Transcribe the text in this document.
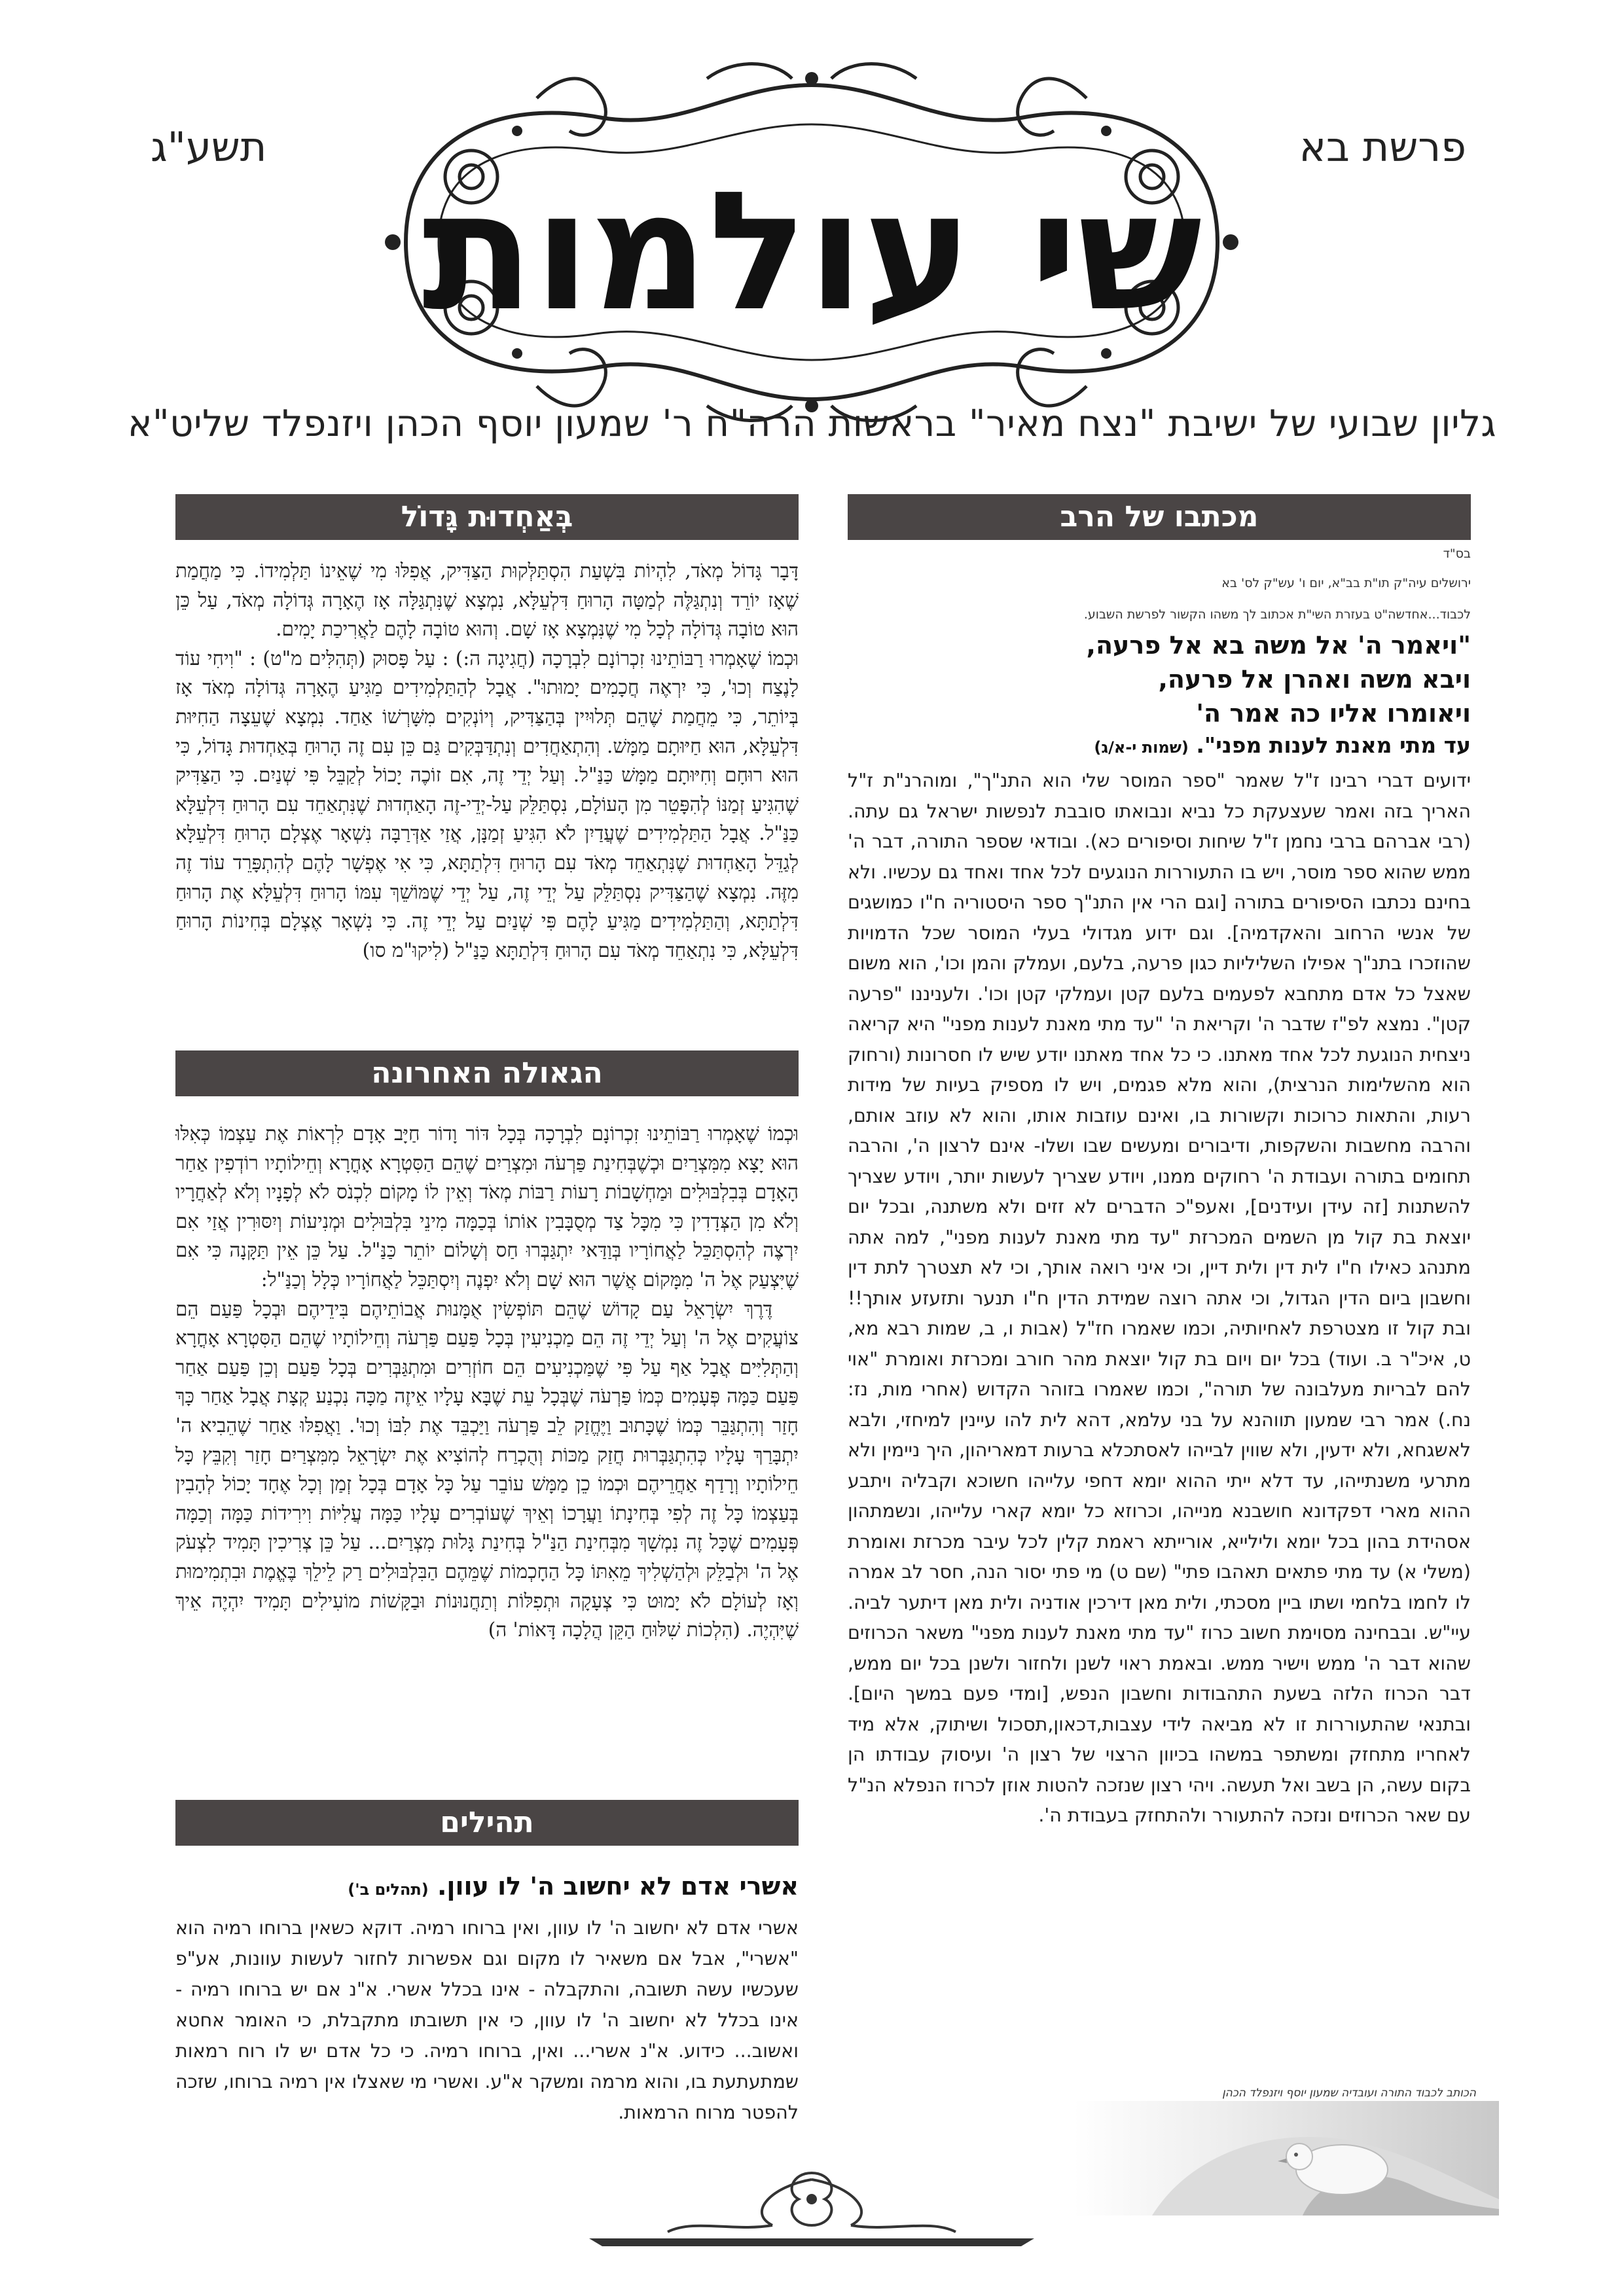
שי עולמות
פרשת בא
תשע"ג
גליון שבועי של ישיבת "נצח מאיר" בראשות הרה"ח ר' שמעון יוסף הכהן ויזנפלד שליט"א
בְּאַחְדוּת גָּדוֹל

דָּבָר גָּדוֹל מְאֹד, לִהְיוֹת בִּשְׁעַת הִסְתַּלְּקוּת הַצַּדִּיק, אֲפִלּוּ מִי שֶׁאֵינוֹ תַּלְמִידוֹ. כִּי מַחֲמַת שֶׁאָז יוֹרֵד וְנִתְגַּלֶּה לְמַטָּה הָרוּחַ דִּלְעֵלָּא, נִמְצָא שֶׁנִּתְגַּלָּה אָז הֶאָרָה גְּדוֹלָה מְאֹד, עַל כֵּן הוּא טוֹבָה גְּדוֹלָה לְכָל מִי שֶׁנִּמְצָא אָז שָׁם. וְהוּא טוֹבָה לָהֶם לַאֲרִיכַת יָמִים.

וּכְמוֹ שֶׁאָמְרוּ רַבּוֹתֵינוּ זִכְרוֹנָם לִבְרָכָה (חֲגִיגָה ה:) : עַל פָּסוּק (תְּהִלִּים מ"ט) : "וִיחִי עוֹד לָנֶצַח וְכוּ', כִּי יִרְאֶה חֲכָמִים יָמוּתוּ". אֲבָל לְהַתַּלְמִידִים מַגִּיעַ הֶאָרָה גְּדוֹלָה מְאֹד אָז בְּיוֹתֵר, כִּי מֵחֲמַת שֶׁהֵם תְּלוּיִין בְּהַצַּדִּיק, וְיוֹנְקִים מִשָּׁרְשׁוֹ אַחַד. נִמְצָא שֶׁעֵצָה הַחִיּוּת דִּלְעֵלָּא, הוּא חַיּוּתָם מַמָּשׁ. וְהִתְאַחֲדִים וְנִתְדַּבְּקִים גַּם כֵּן עִם זֶה הָרוּחַ בְּאַחְדוּת גָּדוֹל, כִּי הוּא רוּחָם וְחִיּוּתָם מַמָּשׁ כַּנַּ"ל. וְעַל יְדֵי זֶה, אִם זוֹכֶה יָכוֹל לְקַבֵּל פִּי שְׁנַיִם. כִּי הַצַּדִּיק שֶׁהִגִּיעַ זְמַנּוֹ לְהִפָּטֵר מִן הָעוֹלָם, נִסְתַּלֵּק עַל-יְדֵי-זֶה הָאַחְדוּת שֶׁנִּתְאַחֵד עִם הָרוּחַ דִּלְעֵלָּא כַּנַּ"ל. אֲבָל הַתַּלְמִידִים שֶׁעֲדַיִן לֹא הִגִּיעַ זְמַנָּן, אֲזַי אַדְּרַבָּה נִשְׁאָר אֶצְלָם הָרוּחַ דִּלְעֵלָּא לְגַדֵּל הָאַחְדוּת שֶׁנִּתְאַחֵד מְאֹד עִם הָרוּחַ דִּלְתַתָּא, כִּי אִי אֶפְשָׁר לָהֶם לְהִתְפָּרֵד עוֹד זֶה מִזֶּה. נִמְצָא שֶׁהַצַּדִּיק נִסְתַּלֵּק עַל יְדֵי זֶה, עַל יְדֵי שֶׁמּוֹשֵׁךְ עִמּוֹ הָרוּחַ דִּלְעֵלָּא אֶת הָרוּחַ דִּלְתַתָּא, וְהַתַּלְמִידִים מַגִּיעַ לָהֶם פִּי שְׁנַיִם עַל יְדֵי זֶה. כִּי נִשְׁאָר אֶצְלָם בְּחִינוֹת הָרוּחַ דִּלְעֵלָּא, כִּי נִתְאַחֵד מְאֹד עִם הָרוּחַ דִּלְתַתָּא כַּנַּ"ל (לִיקוּ"מ סו)

הגאולה האחרונה

וּכְמוֹ שֶׁאָמְרוּ רַבּוֹתֵינוּ זִכְרוֹנָם לִבְרָכָה בְּכָל דּוֹר וָדוֹר חַיָּב אָדָם לִרְאוֹת אֶת עַצְמוֹ כְּאִלּוּ הוּא יָצָא מִמִּצְרַיִם וּכְשֶׁבְּחִינַת פַּרְעֹה וּמִצְרַיִם שֶׁהֵם הַסִּטְרָא אָחֳרָא וְחֵילוֹתָיו רוֹדְפִין אַחַר הָאָדָם בְּבִלְבּוּלִים וּמַחְשָׁבוֹת רָעוֹת רַבּוֹת מְאֹד וְאֵין לוֹ מָקוֹם לִכְנֹס לֹא לְפָנָיו וְלֹא לְאַחֲרָיו וְלֹא מִן הַצְּדָדִין כִּי מִכָּל צַד מְסֻבָּבִין אוֹתוֹ בְּכַמָּה מִינֵי בִּלְבּוּלִים וּמְנִיעוֹת וְיִסּוּרִין אֲזַי אִם יִרְצֶה לְהִסְתַּכֵּל לַאֲחוֹרָיו בְּוַדַּאי יִתְגַּבְּרוּ חַס וְשָׁלוֹם יוֹתֵר כַּנַּ"ל. עַל כֵּן אֵין תַּקָּנָה כִּי אִם שֶׁיִּצְעַק אֶל ה' מִמָּקוֹם אֲשֶׁר הוּא שָׁם וְלֹא יִפְנֶה וְיִסְתַּכֵּל לַאֲחוֹרָיו כְּלָל וְכַנַּ"ל:

דֶּרֶךְ יִשְׂרָאֵל עַם קָדוֹשׁ שֶׁהֵם תּוֹפְשִׂין אֻמָּנוּת אֲבוֹתֵיהֶם בִּידֵיהֶם וּבְכָל פַּעַם הֵם צוֹעֲקִים אֶל ה' וְעַל יְדֵי זֶה הֵם מַכְנִיעִין בְּכָל פַּעַם פַּרְעֹה וְחֵילוֹתָיו שֶׁהֵם הַסִּטְרָא אָחֳרָא וְהַתְּלִיִּים אֲבָל אַף עַל פִּי שֶׁמַּכְנִיעִים הֵם חוֹזְרִים וּמִתְגַּבְּרִים בְּכָל פַּעַם וְכֵן פַּעַם אַחַר פַּעַם כַּמָּה פְּעָמִים כְּמוֹ פַּרְעֹה שֶׁבְּכָל עֵת שֶׁבָּא עָלָיו אֵיזֶה מַכָּה נִכְנַע קְצָת אֲבָל אַחַר כָּךְ חָזַר וְהִתְגַּבֵּר כְּמוֹ שֶׁכָּתוּב וַיֶּחֱזַק לֵב פַּרְעֹה וַיַּכְבֵּד אֶת לִבּוֹ וְכוּ'. וַאֲפִלּוּ אַחַר שֶׁהֵבִיא ה' יִתְבָּרַךְ עָלָיו כְּהִתְגַּבְּרוּת חֲזַק מַכּוֹת וְהֻכְרַח לְהוֹצִיא אֶת יִשְׂרָאֵל מִמִּצְרַיִם חָזַר וְקִבֵּץ כָּל חֵילוֹתָיו וְרָדַף אַחֲרֵיהֶם וּכְמוֹ כֵן מַמָּשׁ עוֹבֵר עַל כָּל אָדָם בְּכָל זְמַן וְכָל אֶחָד יָכוֹל לְהָבִין בְּעַצְמוֹ כָּל זֶה לְפִי בְּחִינָתוֹ וַעֲרָכוֹ וְאֵיךְ שֶׁעוֹבְרִים עָלָיו כַּמָּה עֲלִיּוֹת וִירִידוֹת כַּמָּה וְכַמָּה פְּעָמִים שֶׁכָּל זֶה נִמְשָׁךְ מִבְּחִינַת הַנַּ"ל בְּחִינַת גָּלוּת מִצְרַיִם... עַל כֵּן צְרִיכִין תָּמִיד לִצְעֹק אֶל ה' וּלְבַלֵּק וּלְהַשְׁלִיךְ מֵאִתּוֹ כָּל הַחָכְמוֹת שֶׁמֵּהֶם הַבִּלְבּוּלִים רַק לֵילֵךְ בֶּאֱמֶת וּבִתְמִימוּת וְאָז לְעוֹלָם לֹא יָמוּט כִּי צְעָקָה וּתְפִלּוֹת וְתַחֲנוּנוֹת וּבַקָּשׁוֹת מוֹעִילִים תָּמִיד יִהְיֶה אֵיךְ שֶׁיִּהְיֶה. (הִלְכוֹת שִׁלּוּחַ הַקֵּן הֲלָכָה דָּאוֹת' ה)

תהילים
אשרי אדם לא יחשוב ה' לו עוון. (תהלים ב')
אשרי אדם לא יחשוב ה' לו עוון, ואין ברוחו רמיה. דוקא כשאין ברוחו רמיה הוא "אשרי", אבל אם משאיר לו מקום וגם אפשרות לחזור לעשות עוונות, אע"פ שעכשיו עשה תשובה, והתקבלה - אינו בכלל אשרי. א"נ אם יש ברוחו רמיה - אינו בכלל לא יחשוב ה' לו עוון, כי אין תשובתו מתקבלת, כי האומר אחטא ואשוב... כידוע. א"נ אשרי... ואין, ברוחו רמיה. כי כל אדם יש לו רוח רמאות שמתעתעת בו, והוא מרמה ומשקר א"ע. ואשרי מי שאצלו אין רמיה ברוחו, שזכה להפטר מרוח הרמאות.
מכתבו של הרב
בס"ד
ירושלים עיה"ק תו"ת בב"א, יום ו' עש"ק לס' בא
לכבוד...אחדשה"ט בעזרת השי"ת אכתוב לך משהו הקשור לפרשת השבוע.
"ויאמר ה' אל משה בא אל פרעה,
ויבא משה ואהרן אל פרעה,
ויאומרו אליו כה אמר ה'
עד מתי מאנת לענות מפני". (שמות י-א/ג)
ידועים דברי רבינו ז"ל שאמר "ספר המוסר שלי הוא התנ"ך", ומוהרנ"ת ז"ל האריך בזה ואמר שעצעקת כל נביא ונבואתו סובבת לנפשות ישראל גם עתה. (רבי אברהם ברבי נחמן ז"ל שיחות וסיפורים כא). ובודאי שספר התורה, דבר ה' ממש שהוא ספר מוסר, ויש בו התעוררות הנוגעים לכל אחד ואחד גם עכשיו. ולא בחינם נכתבו הסיפורים בתורה [וגם הרי אין התנ"ך ספר היסטוריה ח"ו כמושגים של אנשי הרחוב והאקדמיה]. וגם ידוע מגדולי בעלי המוסר שכל הדמויות שהוזכרו בתנ"ך אפילו השליליות כגון פרעה, בלעם, ועמלק והמן וכו', הוא משום שאצל כל אדם מתחבא לפעמים בלעם קטן ועמלקי קטן וכו'. ולעניננו "פרעה קטן". נמצא לפ"ז שדבר ה' וקריאת ה' "עד מתי מאנת לענות מפני" היא קריאה ניצחית הנוגעת לכל אחד מאתנו. כי כל אחד מאתנו יודע שיש לו חסרונות (ורחוק הוא מהשלימות הנרצית), והוא מלא פגמים, ויש לו מספיק בעיות של מידות רעות, והתאות כרוכות וקשורות בו, ואינם עוזבות אותו, והוא לא עוזב אותם, והרבה מחשבות והשקפות, ודיבורים ומעשים שבו ושלו- אינם לרצון ה', והרבה תחומים בתורה ועבודת ה' רחוקים ממנו, ויודע שצריך לעשות יותר, ויודע שצריך להשתנות [זה עידן ועידנים], ואעפ"כ הדברים לא זזים ולא משתנה, ובכל יום יוצאת בת קול מן השמים המכרזת "עד מתי מאנת לענות מפני", למה אתה מתנהג כאילו ח"ו לית דין ולית דיין, וכי איני רואה אותך, וכי לא תצטרך לתת דין וחשבון ביום הדין הגדול, וכי אתה רוצה שמידת הדין ח"ו תנער ותזעזע אותך!! ובת קול זו מצטרפת לאחיותיה, וכמו שאמרו חז"ל (אבות ו, ב, שמות רבא מא, ט, איכ"ר ב. ועוד) בכל יום ויום בת קול יוצאת מהר חורב ומכרזת ואומרת "אוי להם לבריות מעלבונה של תורה", וכמו שאמרו בזוהר הקדוש (אחרי מות, נז: נח.) אמר רבי שמעון תווהנא על בני עלמא, דהא לית להו עיינין למיחזי, ולבא לאשגחא, ולא ידעין, ולא שווין לבייהו לאסתכלא ברעות דמאריהון, היך ניימין ולא מתרעי משנתייהו, עד דלא ייתי ההוא יומא דחפי עלייהו חשוכא וקבליה ויתבע ההוא מארי דפקדונא חושבנא מנייהו, וכרוזא כל יומא קארי עלייהו, ונשמתהון אסהידת בהון בכל יומא ולילייא, אורייתא ראמת קלין לכל עיבר מכרזת ואומרת (משלי א) עד מתי פתאים תאהבו פתי" (שם ט) מי פתי יסור הנה, חסר לב אמרה לו לחמו בלחמי ושתו ביין מסכתי, ולית מאן דירכין אודניה ולית מאן דיתער לביה. עיי"ש. ובבחינה מסוימת חשוב כרוז "עד מתי מאנת לענות מפני" משאר הכרוזים שהוא דבר ה' ממש וישיר ממש. ובאמת ראוי לשנן ולחזור ולשנן בכל יום ממש, דבר הכרוז הלזה בשעת התהבודות וחשבון הנפש, [ומדי פעם במשך היום]. ובתנאי שהתעוררות זו לא מביאה לידי עצבות,דכאון,תסכול ושיתוק, אלא מיד לאחריו מתחזק ומשתפר במשהו בכיוון הרצוי של רצון ה' ועיסוק עבודתו הן בקום עשה, הן בשב ואל תעשה. ויהי רצון שנזכה להטות אוזן לכרוז הנפלא הנ"ל עם שאר הכרוזים ונזכה להתעורר ולהתחזק בעבודת ה'.
הכותב לכבוד התורה ועובדיה שמעון יוסף ויזנפלד הכהן
